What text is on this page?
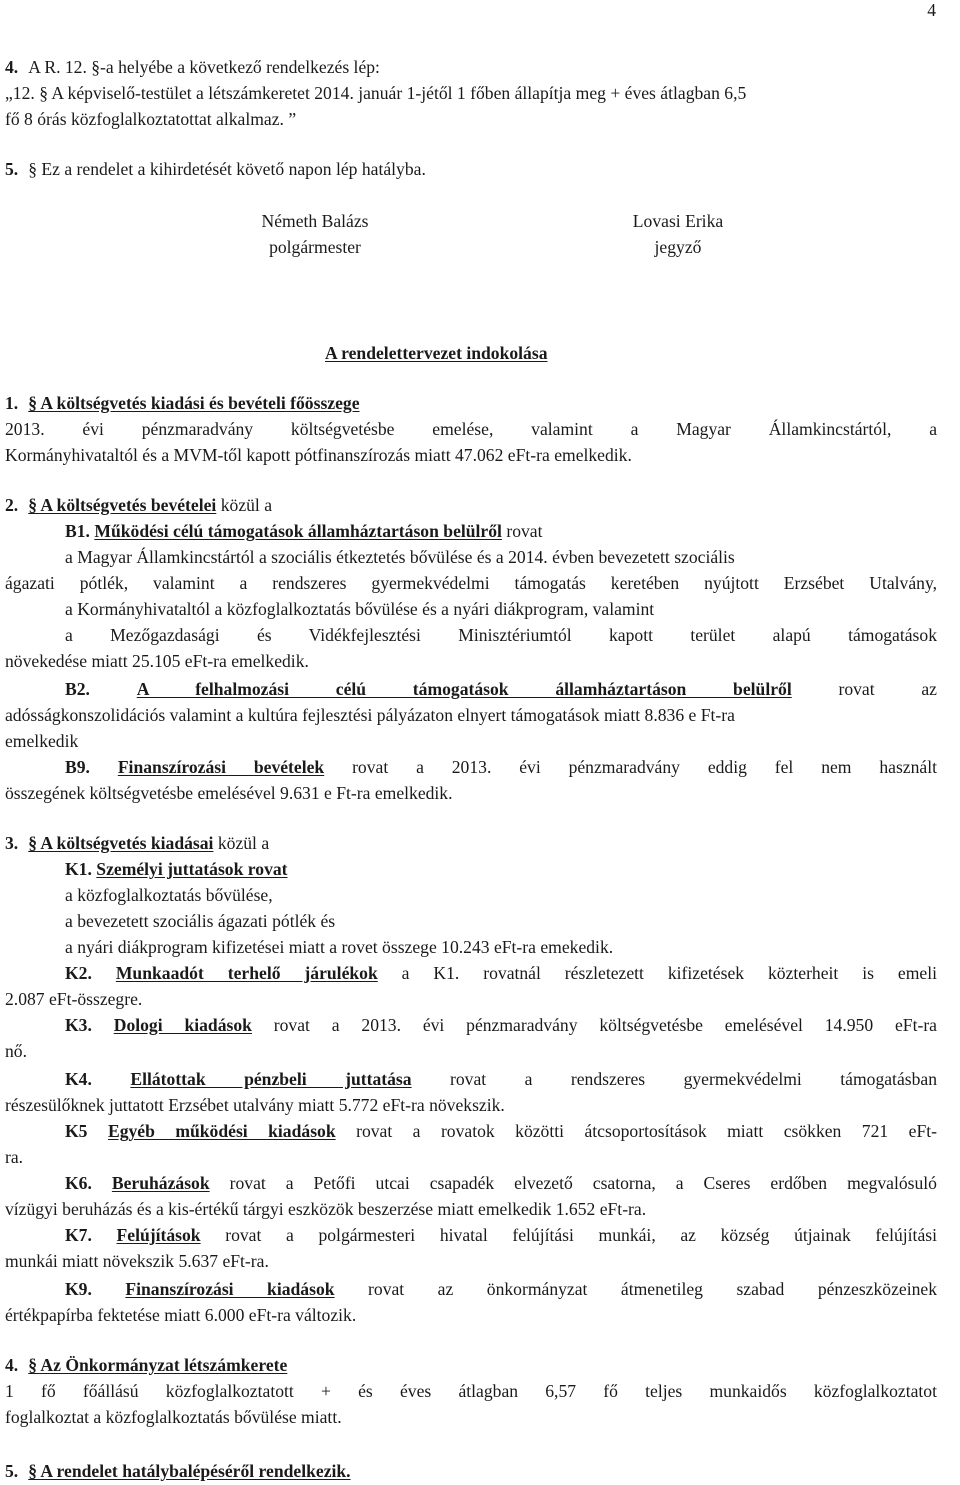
4
4. A R. 12. §-a helyébe a következő rendelkezés lép:
„12. § A képviselő-testület a létszámkeretet 2014. január 1-jétől 1 főben állapítja meg + éves átlagban 6,5
fő 8 órás közfoglalkoztatottat alkalmaz. ”
5. § Ez a rendelet a kihirdetését követő napon lép hatályba.
Németh Balázs
polgármester
Lovasi Erika
jegyző
A rendelettervezet indokolása
1. § A költségvetés kiadási és bevételi főösszege
2013. évi pénzmaradvány költségvetésbe emelése, valamint a Magyar Államkincstártól, a
Kormányhivataltól és a MVM-től kapott pótfinanszírozás miatt 47.062 eFt-ra emelkedik.
2. § A költségvetés bevételei közül a
B1. Működési célú támogatások államháztartáson belülről rovat
a Magyar Államkincstártól a szociális étkeztetés bővülése és a 2014. évben bevezetett szociális
ágazati pótlék, valamint a rendszeres gyermekvédelmi támogatás keretében nyújtott Erzsébet Utalvány,
a Kormányhivataltól a közfoglalkoztatás bővülése és a nyári diákprogram, valamint
a Mezőgazdasági és Vidékfejlesztési Minisztériumtól kapott terület alapú támogatások
növekedése miatt 25.105 eFt-ra emelkedik.
B2.	A felhalmozási célú támogatások államháztartáson belülről rovat az
adósságkonszolidációs valamint a kultúra fejlesztési pályázaton elnyert támogatások miatt 8.836 e Ft-ra
emelkedik
B9. Finanszírozási bevételek rovat a 2013. évi pénzmaradvány eddig fel nem használt
összegének költségvetésbe emelésével 9.631 e Ft-ra emelkedik.
3. § A költségvetés kiadásai közül a
K1. Személyi juttatások rovat
a közfoglalkoztatás bővülése,
a bevezetett szociális ágazati pótlék és
a nyári diákprogram kifizetései miatt a rovet összege 10.243 eFt-ra emekedik.
K2. Munkaadót terhelő járulékok a K1. rovatnál részletezett kifizetések közterheit is emeli
2.087 eFt-összegre.
K3. Dologi kiadások rovat a 2013. évi pénzmaradvány költségvetésbe emelésével 14.950 eFt-ra
nő.
K4. Ellátottak pénzbeli juttatása rovat a rendszeres gyermekvédelmi támogatásban
részesülőknek juttatott Erzsébet utalvány miatt 5.772 eFt-ra növekszik.
K5 Egyéb működési kiadások rovat a rovatok közötti átcsoportosítások miatt csökken 721 eFt-
ra.
K6. Beruházások rovat a Petőfi utcai csapadék elvezető csatorna, a Cseres erdőben megvalósuló
vízügyi beruházás és a kis-értékű tárgyi eszközök beszerzése miatt emelkedik 1.652 eFt-ra.
K7. Felújítások rovat a polgármesteri hivatal felújítási munkái, az község útjainak felújítási
munkái miatt növekszik 5.637 eFt-ra.
K9. Finanszírozási kiadások rovat az önkormányzat átmenetileg szabad pénzeszközeinek
értékpapírba fektetése miatt 6.000 eFt-ra változik.
4. § Az Önkormányzat létszámkerete
1 fő főállású közfoglalkoztatott + és éves átlagban 6,57 fő teljes munkaidős közfoglalkoztatot
foglalkoztat a közfoglalkoztatás bővülése miatt.
5. § A rendelet hatálybalépéséről rendelkezik.
